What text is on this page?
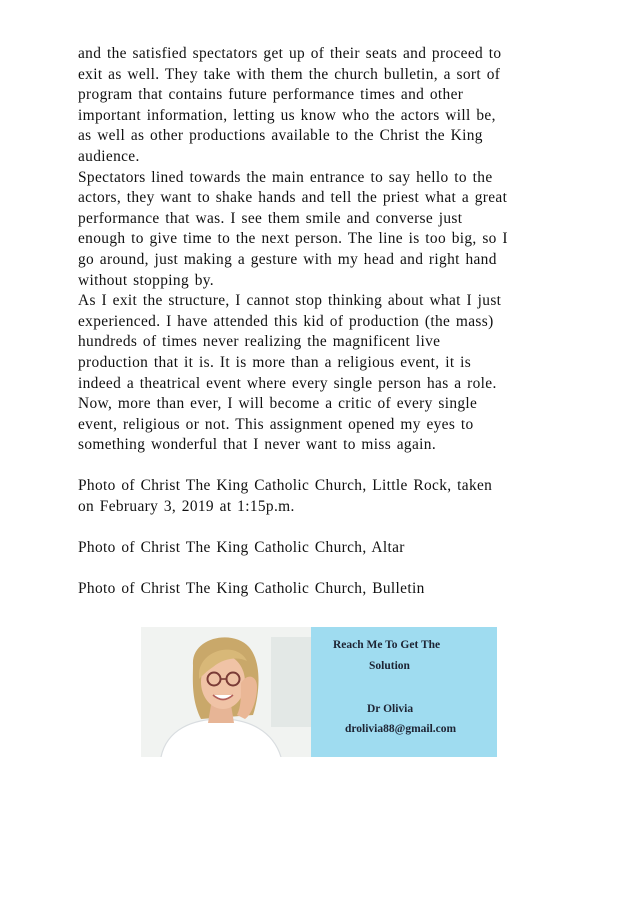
and the satisfied spectators get up of their seats and proceed to
exit as well. They take with them the church bulletin, a sort of
program that contains future performance times and other
important information, letting us know who the actors will be,
as well as other productions available to the Christ the King
audience.
Spectators lined towards the main entrance to say hello to the
actors, they want to shake hands and tell the priest what a great
performance that was. I see them smile and converse just
enough to give time to the next person. The line is too big, so I
go around, just making a gesture with my head and right hand
without stopping by.
As I exit the structure, I cannot stop thinking about what I just
experienced. I have attended this kid of production (the mass)
hundreds of times never realizing the magnificent live
production that it is. It is more than a religious event, it is
indeed a theatrical event where every single person has a role.
Now, more than ever, I will become a critic of every single
event, religious or not. This assignment opened my eyes to
something wonderful that I never want to miss again.
Photo of Christ The King Catholic Church, Little Rock, taken
on February 3, 2019 at 1:15p.m.
Photo of Christ The King Catholic Church, Altar
Photo of Christ The King Catholic Church, Bulletin
Reach Me To Get The
Solution
Dr Olivia
drolivia88@gmail.com
